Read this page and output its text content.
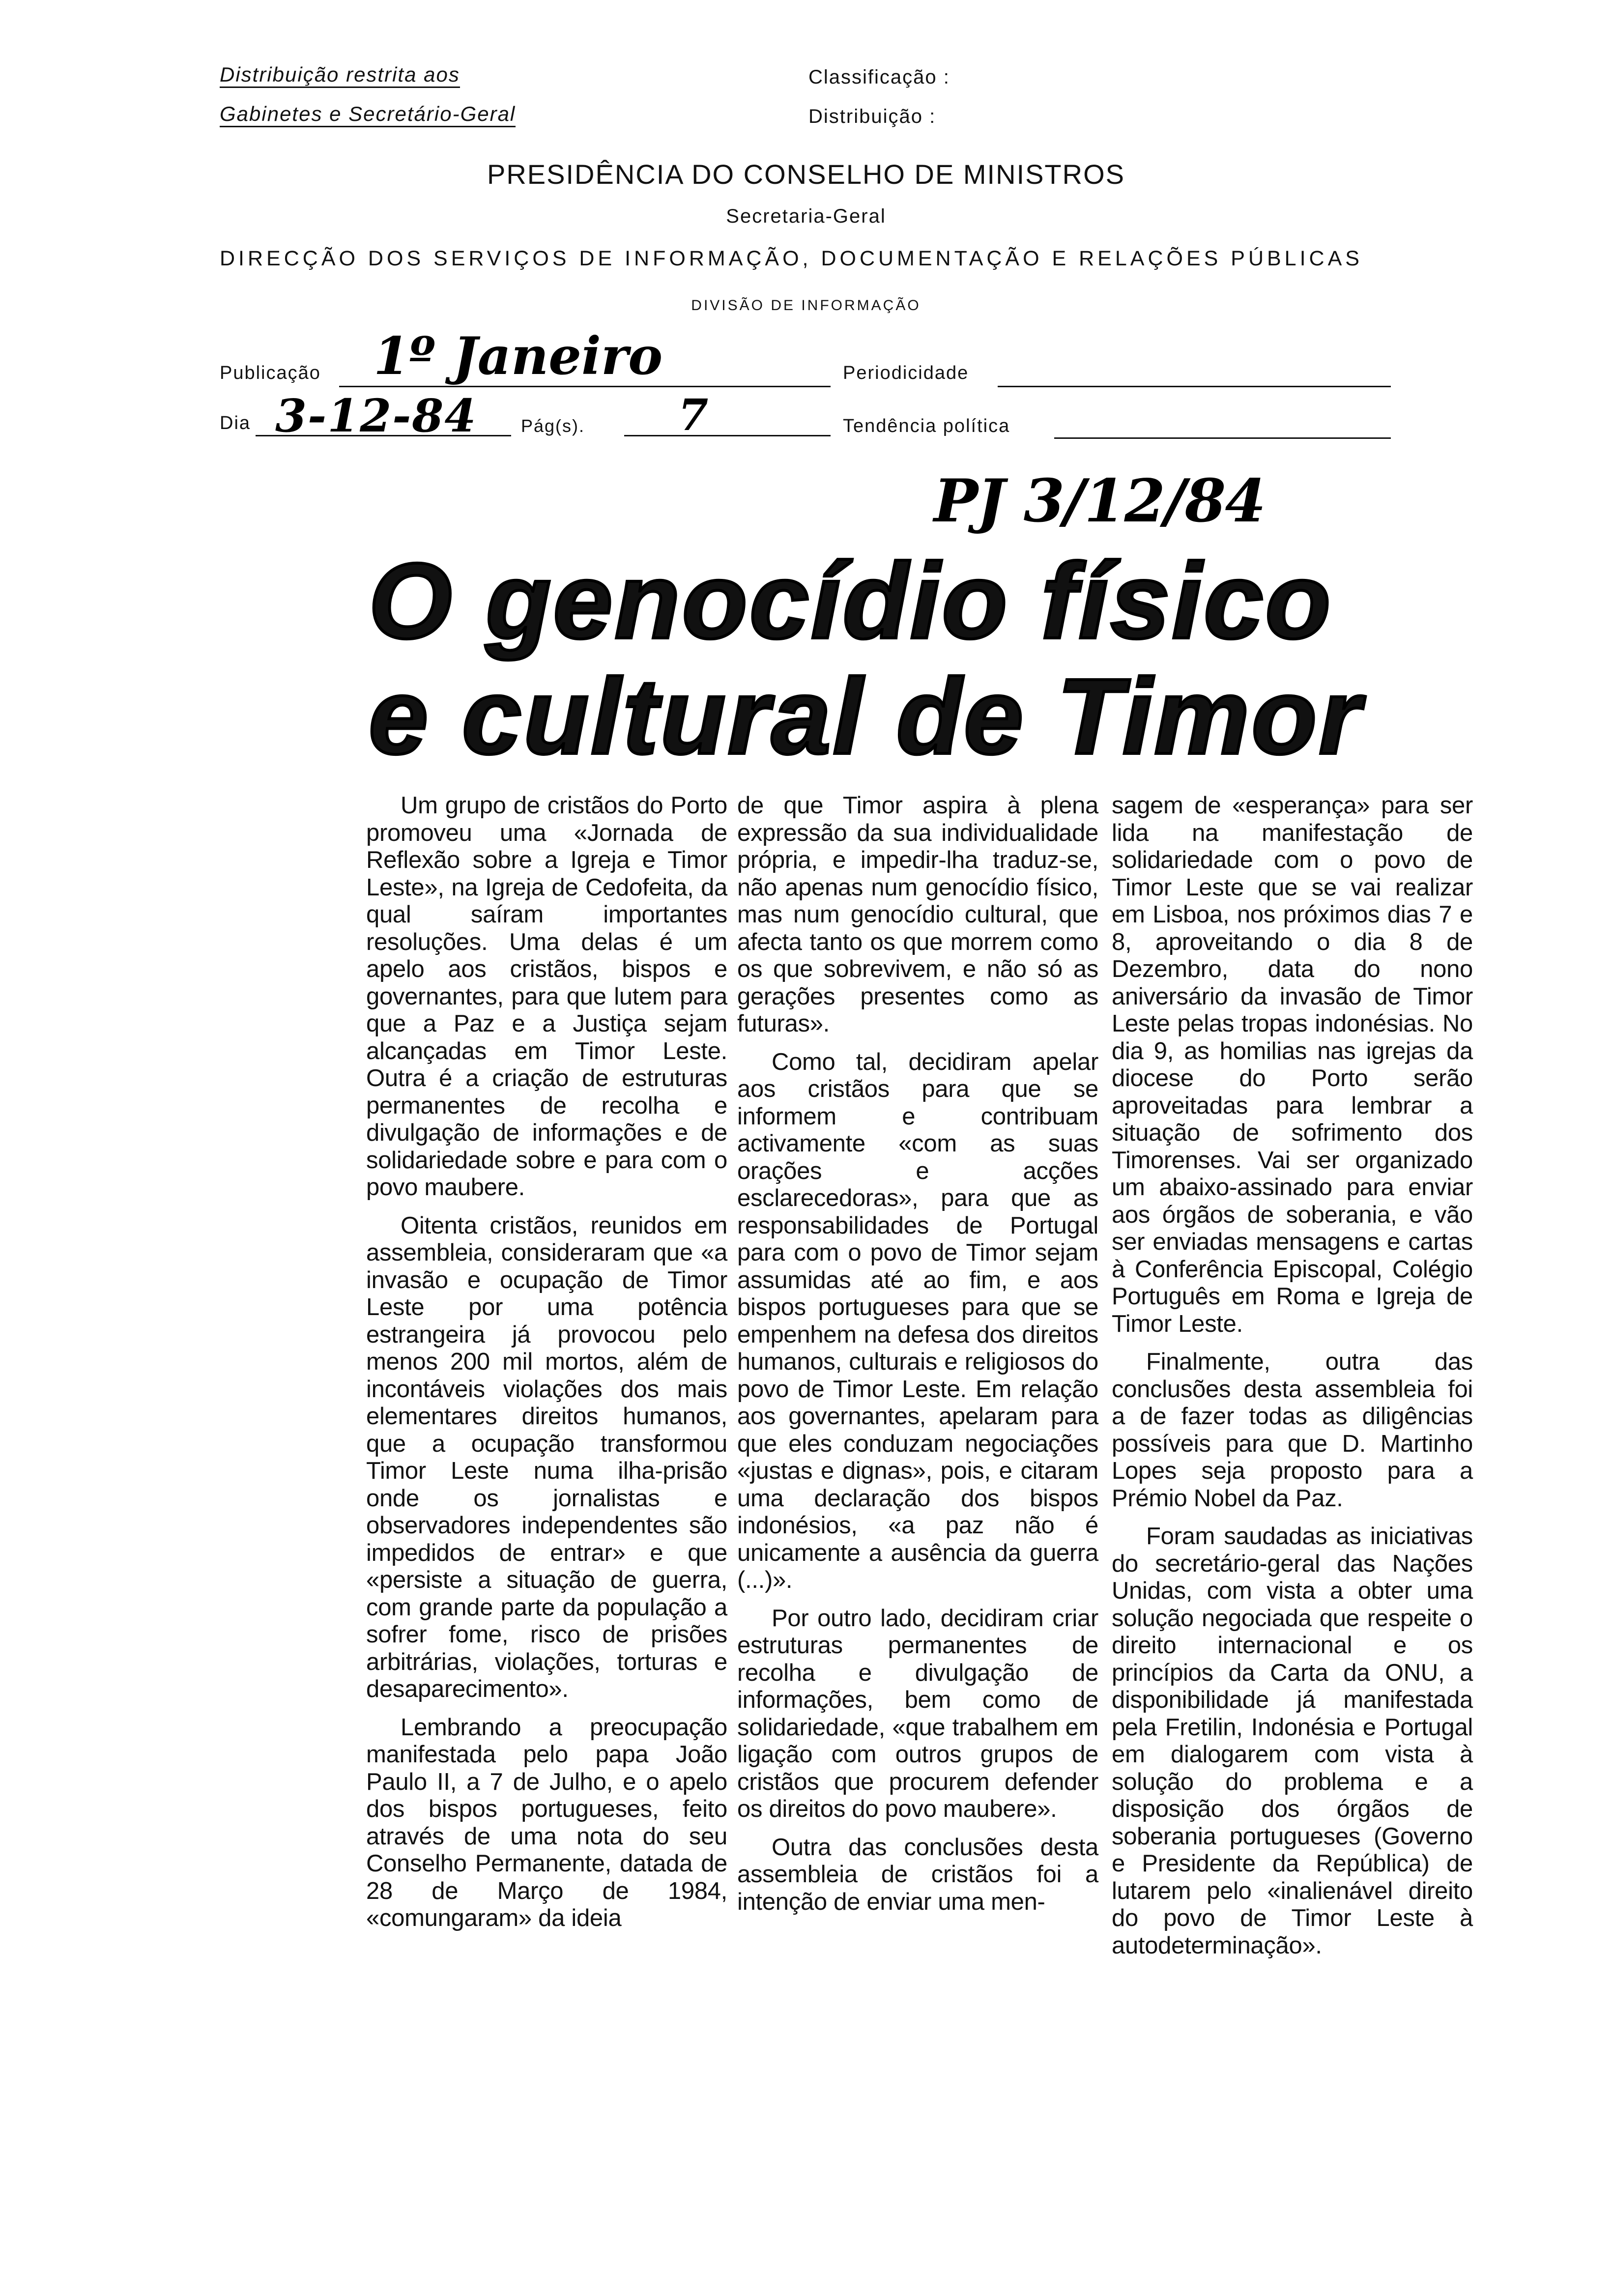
Distribuição restrita aos
Gabinetes e Secretário-Geral
Classificação :
Distribuição :
PRESIDÊNCIA DO CONSELHO DE MINISTROS
Secretaria-Geral
DIRECÇÃO DOS SERVIÇOS DE INFORMAÇÃO, DOCUMENTAÇÃO E RELAÇÕES PÚBLICAS
DIVISÃO DE INFORMAÇÃO
Publicação 1º Janeiro	Periodicidade
Dia 3-12-84 Pág(s). 7	Tendência política
PJ 3/12/84
O genocídio físico
e cultural de Timor

Um grupo de cristãos do Porto promoveu uma «Jornada de Reflexão sobre a Igreja e Timor Leste», na Igreja de Cedofeita, da qual saíram importantes resoluções. Uma delas é um apelo aos cristãos, bispos e governantes, para que lutem para que a Paz e a Justiça sejam alcançadas em Timor Leste. Outra é a criação de estruturas permanentes de recolha e divulgação de informações e de solidariedade sobre e para com o povo maubere.

Oitenta cristãos, reunidos em assembleia, consideraram que «a invasão e ocupação de Timor Leste por uma potência estrangeira já provocou pelo menos 200 mil mortos, além de incontáveis violações dos mais elementares direitos humanos, que a ocupação transformou Timor Leste numa ilha-prisão onde os jornalistas e observadores independentes são impedidos de entrar» e que «persiste a situação de guerra, com grande parte da população a sofrer fome, risco de prisões arbitrárias, violações, torturas e desaparecimento».

Lembrando a preocupação manifestada pelo papa João Paulo II, a 7 de Julho, e o apelo dos bispos portugueses, feito através de uma nota do seu Conselho Permanente, datada de 28 de Março de 1984, «comungaram» da ideia

de que Timor aspira à plena expressão da sua individualidade própria, e impedir-lha traduz-se, não apenas num genocídio físico, mas num genocídio cultural, que afecta tanto os que morrem como os que sobrevivem, e não só as gerações presentes como as futuras».

Como tal, decidiram apelar aos cristãos para que se informem e contribuam activamente «com as suas orações e acções esclarecedoras», para que as responsabilidades de Portugal para com o povo de Timor sejam assumidas até ao fim, e aos bispos portugueses para que se empenhem na defesa dos direitos humanos, culturais e religiosos do povo de Timor Leste. Em relação aos governantes, apelaram para que eles conduzam negociações «justas e dignas», pois, e citaram uma declaração dos bispos indonésios, «a paz não é unicamente a ausência da guerra (...)».

Por outro lado, decidiram criar estruturas permanentes de recolha e divulgação de informações, bem como de solidariedade, «que trabalhem em ligação com outros grupos de cristãos que procurem defender os direitos do povo maubere».

Outra das conclusões desta assembleia de cristãos foi a intenção de enviar uma men-

sagem de «esperança» para ser lida na manifestação de solidariedade com o povo de Timor Leste que se vai realizar em Lisboa, nos próximos dias 7 e 8, aproveitando o dia 8 de Dezembro, data do nono aniversário da invasão de Timor Leste pelas tropas indonésias. No dia 9, as homilias nas igrejas da diocese do Porto serão aproveitadas para lembrar a situação de sofrimento dos Timorenses. Vai ser organizado um abaixo-assinado para enviar aos órgãos de soberania, e vão ser enviadas mensagens e cartas à Conferência Episcopal, Colégio Português em Roma e Igreja de Timor Leste.

Finalmente, outra das conclusões desta assembleia foi a de fazer todas as diligências possíveis para que D. Martinho Lopes seja proposto para a Prémio Nobel da Paz.

Foram saudadas as iniciativas do secretário-geral das Nações Unidas, com vista a obter uma solução negociada que respeite o direito internacional e os princípios da Carta da ONU, a disponibilidade já manifestada pela Fretilin, Indonésia e Portugal em dialogarem com vista à solução do problema e a disposição dos órgãos de soberania portugueses (Governo e Presidente da República) de lutarem pelo «inalienável direito do povo de Timor Leste à autodeterminação».
